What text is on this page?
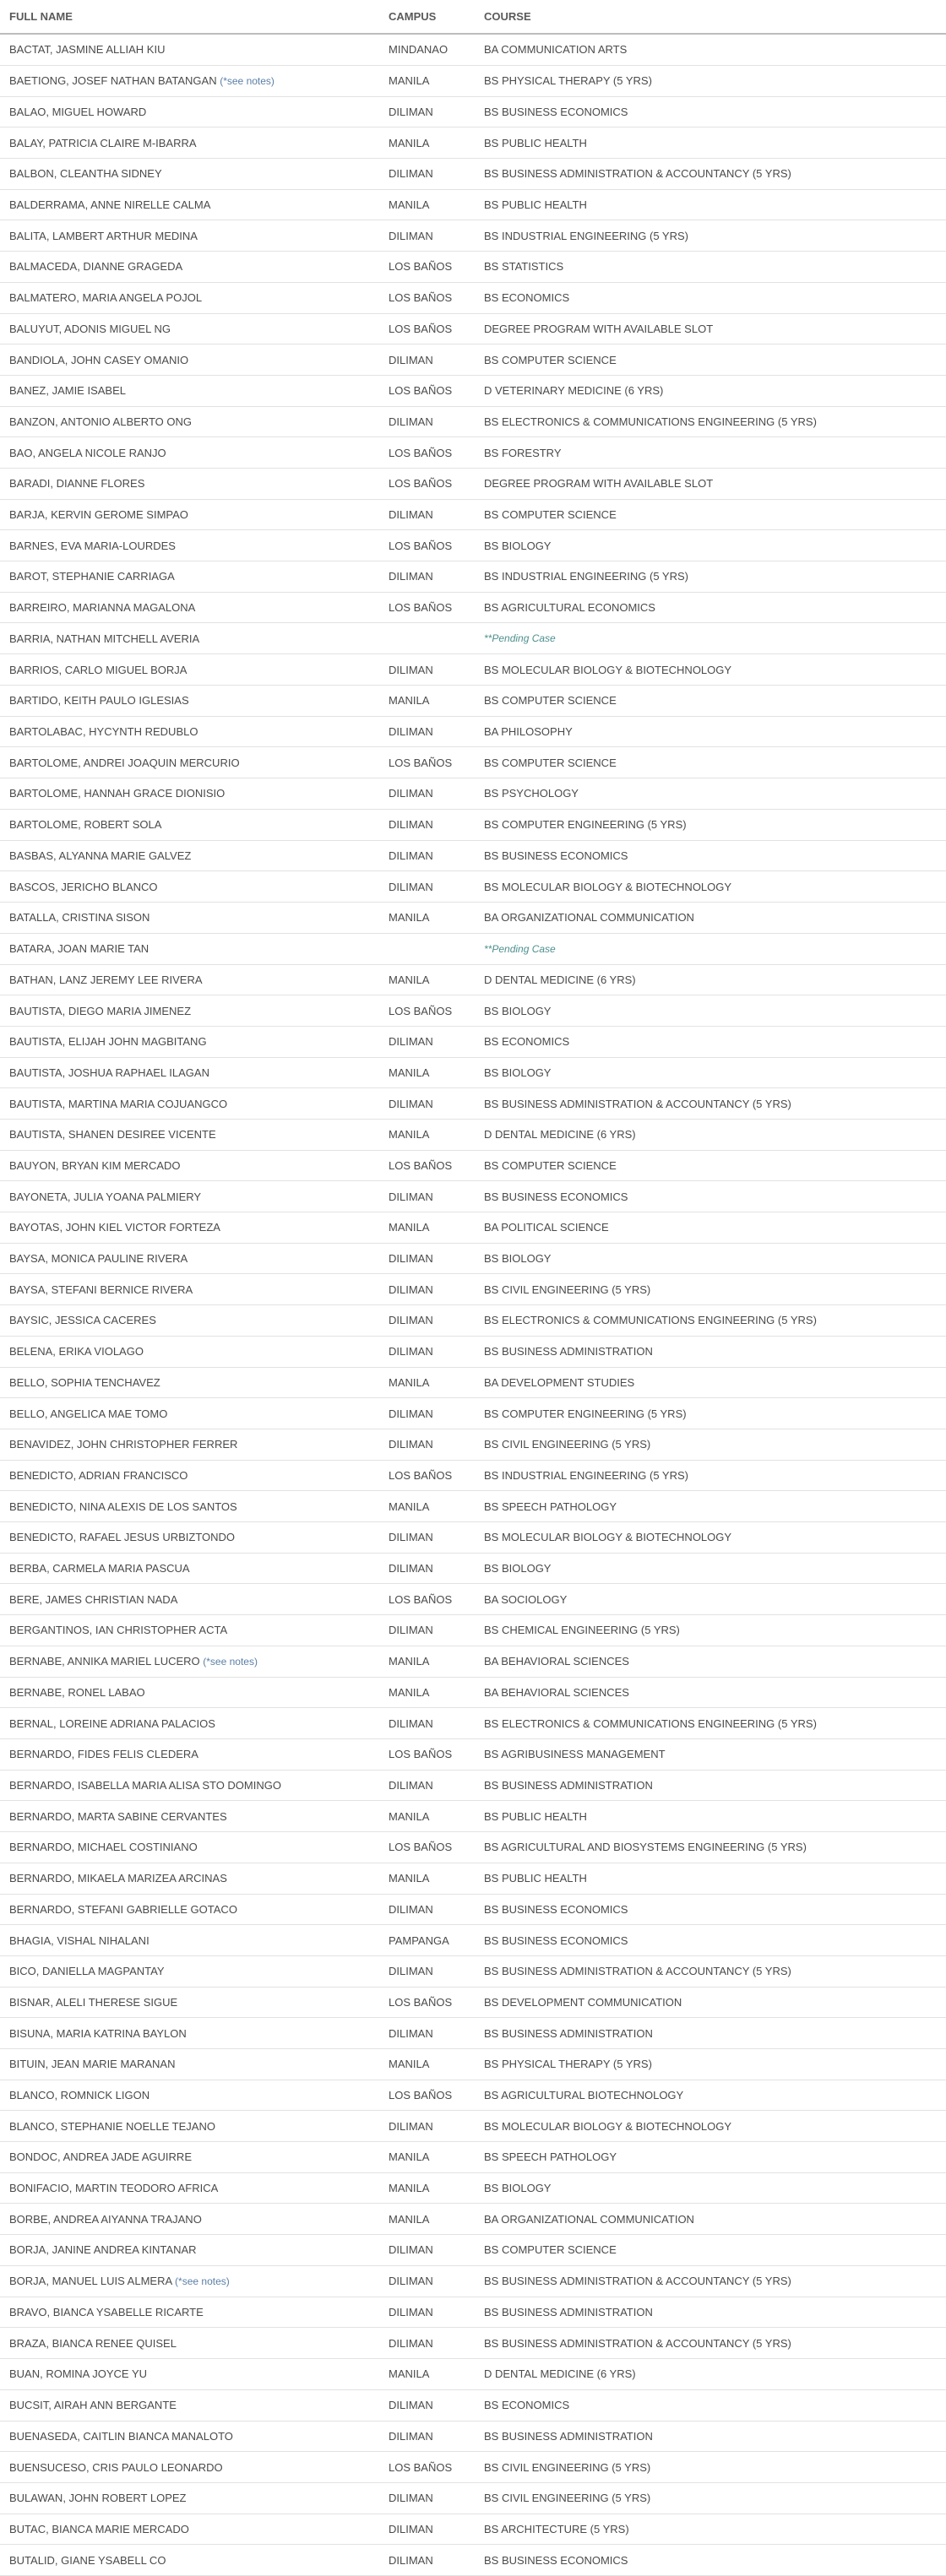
FULL NAME	CAMPUS	COURSE
BACTAT, JASMINE ALLIAH KIU	MINDANAO	BA COMMUNICATION ARTS
BAETIONG, JOSEF NATHAN BATANGAN (*see notes)	MANILA	BS PHYSICAL THERAPY (5 YRS)
BALAO, MIGUEL HOWARD	DILIMAN	BS BUSINESS ECONOMICS
BALAY, PATRICIA CLAIRE M-IBARRA	MANILA	BS PUBLIC HEALTH
BALBON, CLEANTHA SIDNEY	DILIMAN	BS BUSINESS ADMINISTRATION & ACCOUNTANCY (5 YRS)
BALDERRAMA, ANNE NIRELLE CALMA	MANILA	BS PUBLIC HEALTH
BALITA, LAMBERT ARTHUR MEDINA	DILIMAN	BS INDUSTRIAL ENGINEERING (5 YRS)
BALMACEDA, DIANNE GRAGEDA	LOS BAÑOS	BS STATISTICS
BALMATERO, MARIA ANGELA POJOL	LOS BAÑOS	BS ECONOMICS
BALUYUT, ADONIS MIGUEL NG	LOS BAÑOS	DEGREE PROGRAM WITH AVAILABLE SLOT
BANDIOLA, JOHN CASEY OMANIO	DILIMAN	BS COMPUTER SCIENCE
BANEZ, JAMIE ISABEL	LOS BAÑOS	D VETERINARY MEDICINE (6 YRS)
BANZON, ANTONIO ALBERTO ONG	DILIMAN	BS ELECTRONICS & COMMUNICATIONS ENGINEERING (5 YRS)
BAO, ANGELA NICOLE RANJO	LOS BAÑOS	BS FORESTRY
BARADI, DIANNE FLORES	LOS BAÑOS	DEGREE PROGRAM WITH AVAILABLE SLOT
BARJA, KERVIN GEROME SIMPAO	DILIMAN	BS COMPUTER SCIENCE
BARNES, EVA MARIA-LOURDES	LOS BAÑOS	BS BIOLOGY
BAROT, STEPHANIE CARRIAGA	DILIMAN	BS INDUSTRIAL ENGINEERING (5 YRS)
BARREIRO, MARIANNA MAGALONA	LOS BAÑOS	BS AGRICULTURAL ECONOMICS
BARRIA, NATHAN MITCHELL AVERIA		**Pending Case
BARRIOS, CARLO MIGUEL BORJA	DILIMAN	BS MOLECULAR BIOLOGY & BIOTECHNOLOGY
BARTIDO, KEITH PAULO IGLESIAS	MANILA	BS COMPUTER SCIENCE
BARTOLABAC, HYCYNTH REDUBLO	DILIMAN	BA PHILOSOPHY
BARTOLOME, ANDREI JOAQUIN MERCURIO	LOS BAÑOS	BS COMPUTER SCIENCE
BARTOLOME, HANNAH GRACE DIONISIO	DILIMAN	BS PSYCHOLOGY
BARTOLOME, ROBERT SOLA	DILIMAN	BS COMPUTER ENGINEERING (5 YRS)
BASBAS, ALYANNA MARIE GALVEZ	DILIMAN	BS BUSINESS ECONOMICS
BASCOS, JERICHO BLANCO	DILIMAN	BS MOLECULAR BIOLOGY & BIOTECHNOLOGY
BATALLA, CRISTINA SISON	MANILA	BA ORGANIZATIONAL COMMUNICATION
BATARA, JOAN MARIE TAN		**Pending Case
BATHAN, LANZ JEREMY LEE RIVERA	MANILA	D DENTAL MEDICINE (6 YRS)
BAUTISTA, DIEGO MARIA JIMENEZ	LOS BAÑOS	BS BIOLOGY
BAUTISTA, ELIJAH JOHN MAGBITANG	DILIMAN	BS ECONOMICS
BAUTISTA, JOSHUA RAPHAEL ILAGAN	MANILA	BS BIOLOGY
BAUTISTA, MARTINA MARIA COJUANGCO	DILIMAN	BS BUSINESS ADMINISTRATION & ACCOUNTANCY (5 YRS)
BAUTISTA, SHANEN DESIREE VICENTE	MANILA	D DENTAL MEDICINE (6 YRS)
BAUYON, BRYAN KIM MERCADO	LOS BAÑOS	BS COMPUTER SCIENCE
BAYONETA, JULIA YOANA PALMIERY	DILIMAN	BS BUSINESS ECONOMICS
BAYOTAS, JOHN KIEL VICTOR FORTEZA	MANILA	BA POLITICAL SCIENCE
BAYSA, MONICA PAULINE RIVERA	DILIMAN	BS BIOLOGY
BAYSA, STEFANI BERNICE RIVERA	DILIMAN	BS CIVIL ENGINEERING (5 YRS)
BAYSIC, JESSICA CACERES	DILIMAN	BS ELECTRONICS & COMMUNICATIONS ENGINEERING (5 YRS)
BELENA, ERIKA VIOLAGO	DILIMAN	BS BUSINESS ADMINISTRATION
BELLO, SOPHIA TENCHAVEZ	MANILA	BA DEVELOPMENT STUDIES
BELLO, ANGELICA MAE TOMO	DILIMAN	BS COMPUTER ENGINEERING (5 YRS)
BENAVIDEZ, JOHN CHRISTOPHER FERRER	DILIMAN	BS CIVIL ENGINEERING (5 YRS)
BENEDICTO, ADRIAN FRANCISCO	LOS BAÑOS	BS INDUSTRIAL ENGINEERING (5 YRS)
BENEDICTO, NINA ALEXIS DE LOS SANTOS	MANILA	BS SPEECH PATHOLOGY
BENEDICTO, RAFAEL JESUS URBIZTONDO	DILIMAN	BS MOLECULAR BIOLOGY & BIOTECHNOLOGY
BERBA, CARMELA MARIA PASCUA	DILIMAN	BS BIOLOGY
BERE, JAMES CHRISTIAN NADA	LOS BAÑOS	BA SOCIOLOGY
BERGANTINOS, IAN CHRISTOPHER ACTA	DILIMAN	BS CHEMICAL ENGINEERING (5 YRS)
BERNABE, ANNIKA MARIEL LUCERO (*see notes)	MANILA	BA BEHAVIORAL SCIENCES
BERNABE, RONEL LABAO	MANILA	BA BEHAVIORAL SCIENCES
BERNAL, LOREINE ADRIANA PALACIOS	DILIMAN	BS ELECTRONICS & COMMUNICATIONS ENGINEERING (5 YRS)
BERNARDO, FIDES FELIS CLEDERA	LOS BAÑOS	BS AGRIBUSINESS MANAGEMENT
BERNARDO, ISABELLA MARIA ALISA STO DOMINGO	DILIMAN	BS BUSINESS ADMINISTRATION
BERNARDO, MARTA SABINE CERVANTES	MANILA	BS PUBLIC HEALTH
BERNARDO, MICHAEL COSTINIANO	LOS BAÑOS	BS AGRICULTURAL AND BIOSYSTEMS ENGINEERING (5 YRS)
BERNARDO, MIKAELA MARIZEA ARCINAS	MANILA	BS PUBLIC HEALTH
BERNARDO, STEFANI GABRIELLE GOTACO	DILIMAN	BS BUSINESS ECONOMICS
BHAGIA, VISHAL NIHALANI	PAMPANGA	BS BUSINESS ECONOMICS
BICO, DANIELLA MAGPANTAY	DILIMAN	BS BUSINESS ADMINISTRATION & ACCOUNTANCY (5 YRS)
BISNAR, ALELI THERESE SIGUE	LOS BAÑOS	BS DEVELOPMENT COMMUNICATION
BISUNA, MARIA KATRINA BAYLON	DILIMAN	BS BUSINESS ADMINISTRATION
BITUIN, JEAN MARIE MARANAN	MANILA	BS PHYSICAL THERAPY (5 YRS)
BLANCO, ROMNICK LIGON	LOS BAÑOS	BS AGRICULTURAL BIOTECHNOLOGY
BLANCO, STEPHANIE NOELLE TEJANO	DILIMAN	BS MOLECULAR BIOLOGY & BIOTECHNOLOGY
BONDOC, ANDREA JADE AGUIRRE	MANILA	BS SPEECH PATHOLOGY
BONIFACIO, MARTIN TEODORO AFRICA	MANILA	BS BIOLOGY
BORBE, ANDREA AIYANNA TRAJANO	MANILA	BA ORGANIZATIONAL COMMUNICATION
BORJA, JANINE ANDREA KINTANAR	DILIMAN	BS COMPUTER SCIENCE
BORJA, MANUEL LUIS ALMERA (*see notes)	DILIMAN	BS BUSINESS ADMINISTRATION & ACCOUNTANCY (5 YRS)
BRAVO, BIANCA YSABELLE RICARTE	DILIMAN	BS BUSINESS ADMINISTRATION
BRAZA, BIANCA RENEE QUISEL	DILIMAN	BS BUSINESS ADMINISTRATION & ACCOUNTANCY (5 YRS)
BUAN, ROMINA JOYCE YU	MANILA	D DENTAL MEDICINE (6 YRS)
BUCSIT, AIRAH ANN BERGANTE	DILIMAN	BS ECONOMICS
BUENASEDA, CAITLIN BIANCA MANALOTO	DILIMAN	BS BUSINESS ADMINISTRATION
BUENSUCESO, CRIS PAULO LEONARDO	LOS BAÑOS	BS CIVIL ENGINEERING (5 YRS)
BULAWAN, JOHN ROBERT LOPEZ	DILIMAN	BS CIVIL ENGINEERING (5 YRS)
BUTAC, BIANCA MARIE MERCADO	DILIMAN	BS ARCHITECTURE (5 YRS)
BUTALID, GIANE YSABELL CO	DILIMAN	BS BUSINESS ECONOMICS
